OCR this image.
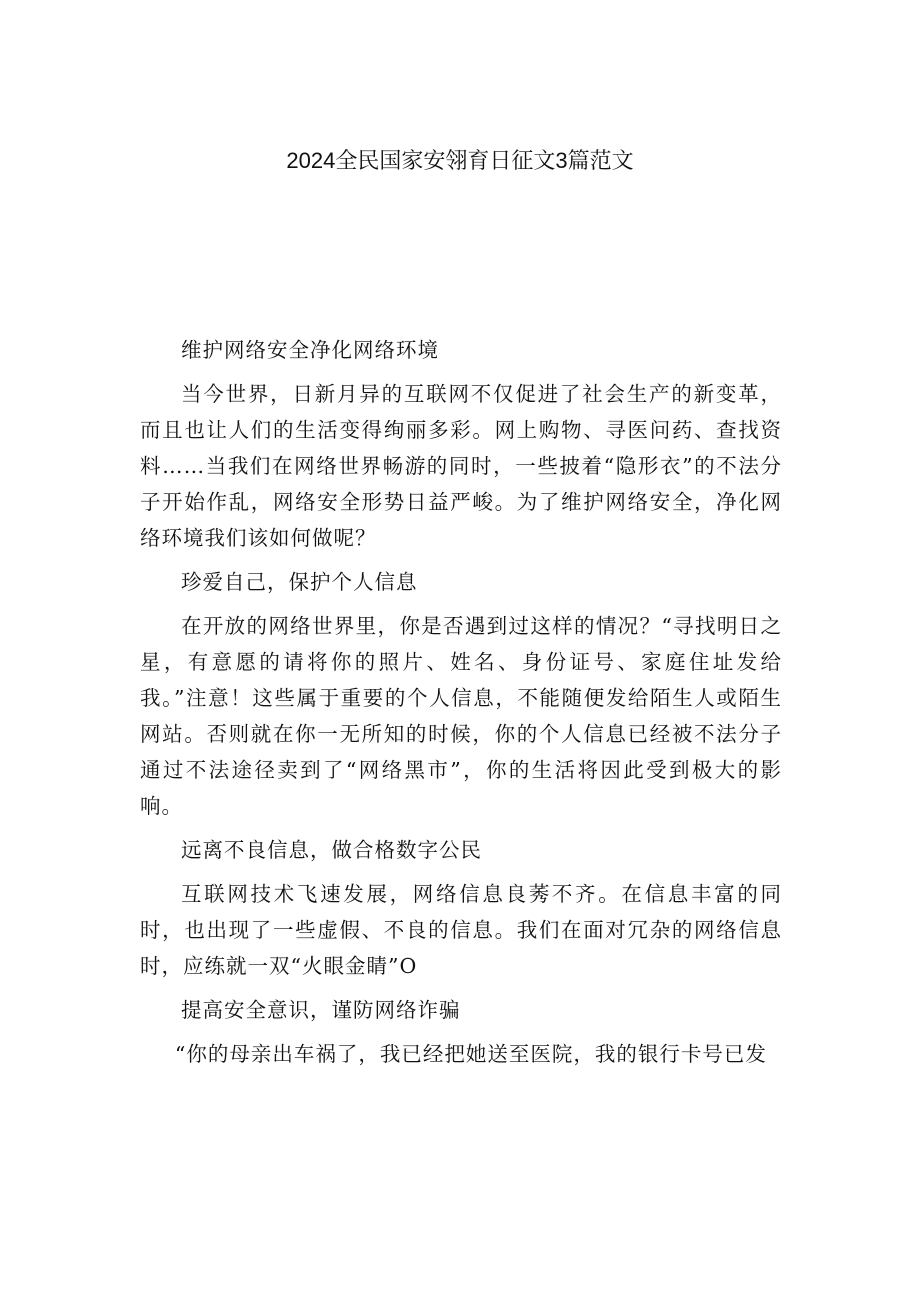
2024全民国家安翎育日征文3篇范文

维护网络安全净化网络环境

当今世界，日新月异的互联网不仅促进了社会生产的新变革，而且也让人们的生活变得绚丽多彩。网上购物、寻医问药、查找资料……当我们在网络世界畅游的同时，一些披着“隐形衣”的不法分子开始作乱，网络安全形势日益严峻。为了维护网络安全，净化网络环境我们该如何做呢？

珍爱自己，保护个人信息

在开放的网络世界里，你是否遇到过这样的情况？“寻找明日之星，有意愿的请将你的照片、姓名、身份证号、家庭住址发给我。”注意！这些属于重要的个人信息，不能随便发给陌生人或陌生网站。否则就在你一无所知的时候，你的个人信息已经被不法分子通过不法途径卖到了“网络黑市”，你的生活将因此受到极大的影响。

远离不良信息，做合格数字公民

互联网技术飞速发展，网络信息良莠不齐。在信息丰富的同时，也出现了一些虚假、不良的信息。我们在面对冗杂的网络信息时，应练就一双“火眼金睛”O

提高安全意识，谨防网络诈骗

“你的母亲出车祸了，我已经把她送至医院，我的银行卡号已发
